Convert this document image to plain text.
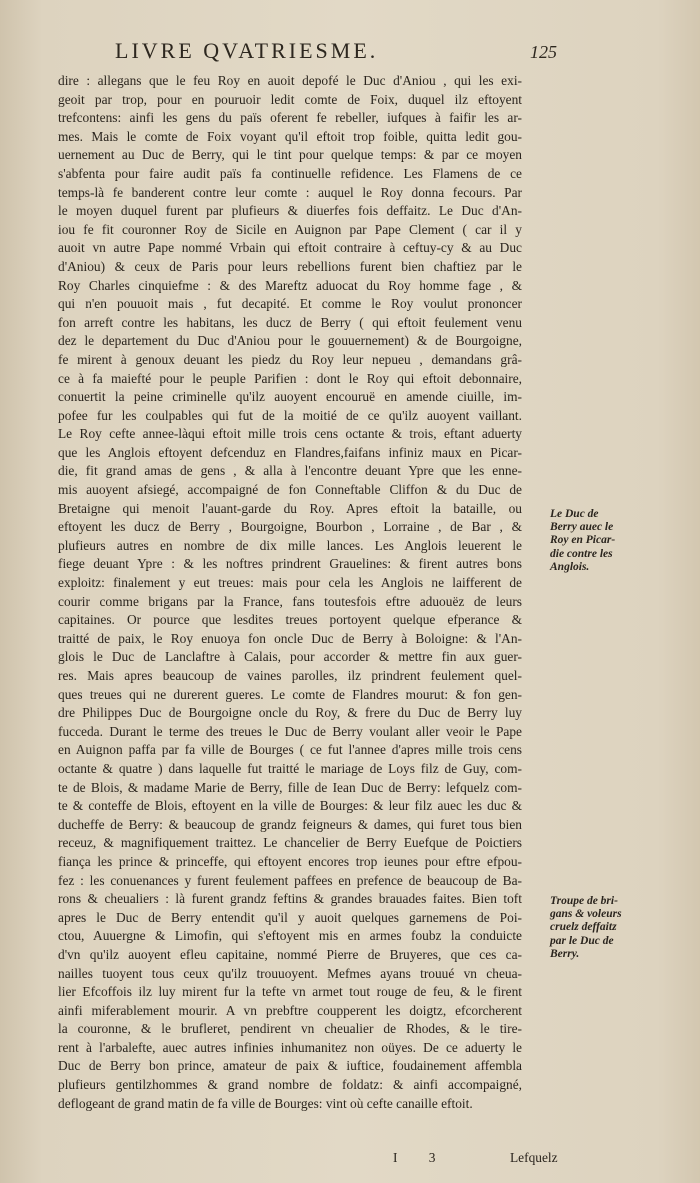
LIVRE QVATRIESME.	125
dire : allegans que le feu Roy en auoit depofé le Duc d'Aniou , qui les exi-
geoit par trop, pour en pouruoir ledit comte de Foix, duquel ilz eftoyent
trefcontens: ainfi les gens du païs oferent fe rebeller, iufques à faifir les ar-
mes. Mais le comte de Foix voyant qu'il eftoit trop foible, quitta ledit gou-
uernement au Duc de Berry, qui le tint pour quelque temps: & par ce moyen
s'abfenta pour faire audit païs fa continuelle refidence. Les Flamens de ce
temps-là fe banderent contre leur comte : auquel le Roy donna fecours. Par
le moyen duquel furent par plufieurs & diuerfes fois deffaitz. Le Duc d'An-
iou fe fit couronner Roy de Sicile en Auignon par Pape Clement ( car il y
auoit vn autre Pape nommé Vrbain qui eftoit contraire à ceftuy-cy & au Duc
d'Aniou) & ceux de Paris pour leurs rebellions furent bien chaftiez par le
Roy Charles cinquiefme : & des Mareftz aduocat du Roy homme fage , &
qui n'en pouuoit mais , fut decapité. Et comme le Roy voulut prononcer
fon arreft contre les habitans, les ducz de Berry ( qui eftoit feulement venu
dez le departement du Duc d'Aniou pour le gouuernement) & de Bourgoigne,
fe mirent à genoux deuant les piedz du Roy leur nepueu , demandans grâ-
ce à fa maiefté pour le peuple Parifien : dont le Roy qui eftoit debonnaire,
conuertit la peine criminelle qu'ilz auoyent encouruë en amende ciuille, im-
pofee fur les coulpables qui fut de la moitié de ce qu'ilz auoyent vaillant.
Le Roy cefte annee-làqui eftoit mille trois cens octante & trois, eftant aduerty
que les Anglois eftoyent defcenduz en Flandres,faifans infiniz maux en Picar-
die, fit grand amas de gens , & alla à l'encontre deuant Ypre que les enne-
mis auoyent afsiegé, accompaigné de fon Conneftable Cliffon & du Duc de
Bretaigne qui menoit l'auant-garde du Roy. Apres eftoit la bataille, ou
eftoyent les ducz de Berry , Bourgoigne, Bourbon , Lorraine , de Bar , &
plufieurs autres en nombre de dix mille lances. Les Anglois leuerent le
fiege deuant Ypre : & les noftres prindrent Grauelines: & firent autres bons
exploitz: finalement y eut treues: mais pour cela les Anglois ne laifferent de
courir comme brigans par la France, fans toutesfois eftre aduouëz de leurs
capitaines. Or pource que lesdites treues portoyent quelque efperance &
traitté de paix, le Roy enuoya fon oncle Duc de Berry à Boloigne: & l'An-
glois le Duc de Lanclaftre à Calais, pour accorder & mettre fin aux guer-
res. Mais apres beaucoup de vaines parolles, ilz prindrent feulement quel-
ques treues qui ne durerent gueres. Le comte de Flandres mourut: & fon gen-
dre Philippes Duc de Bourgoigne oncle du Roy, & frere du Duc de Berry luy
fucceda. Durant le terme des treues le Duc de Berry voulant aller veoir le Pape
en Auignon paffa par fa ville de Bourges ( ce fut l'annee d'apres mille trois cens
octante & quatre ) dans laquelle fut traitté le mariage de Loys filz de Guy, com-
te de Blois, & madame Marie de Berry, fille de Iean Duc de Berry: lefquelz com-
te & conteffe de Blois, eftoyent en la ville de Bourges: & leur filz auec les duc &
ducheffe de Berry: & beaucoup de grandz feigneurs & dames, qui furet tous bien
receuz, & magnifiquement traittez. Le chancelier de Berry Euefque de Poictiers
fiança les prince & princeffe, qui eftoyent encores trop ieunes pour eftre efpou-
fez : les conuenances y furent feulement paffees en prefence de beaucoup de Ba-
rons & cheualiers : là furent grandz feftins & grandes brauades faites. Bien toft
apres le Duc de Berry entendit qu'il y auoit quelques garnemens de Poi-
ctou, Auuergne & Limofin, qui s'eftoyent mis en armes foubz la conduicte
d'vn qu'ilz auoyent efleu capitaine, nommé Pierre de Bruyeres, que ces ca-
nailles tuoyent tous ceux qu'ilz trouuoyent. Mefmes ayans trouué vn cheua-
lier Efcoffois ilz luy mirent fur la tefte vn armet tout rouge de feu, & le firent
ainfi miferablement mourir. A vn prebftre coupperent les doigtz, efcorcherent
la couronne, & le brufleret, pendirent vn cheualier de Rhodes, & le tire-
rent à l'arbalefte, auec autres infinies inhumanitez non oüyes. De ce aduerty le
Duc de Berry bon prince, amateur de paix & iuftice, foudainement affembla
plufieurs gentilzhommes & grand nombre de foldatz: & ainfi accompaigné,
deflogeant de grand matin de fa ville de Bourges: vint où cefte canaille eftoit.
Le Duc de
Berry auec le
Roy en Picar-
die contre les
Anglois.
Troupe de bri-
gans & voleurs
cruelz deffaitz
par le Duc de
Berry.
I 3	Lefquelz
